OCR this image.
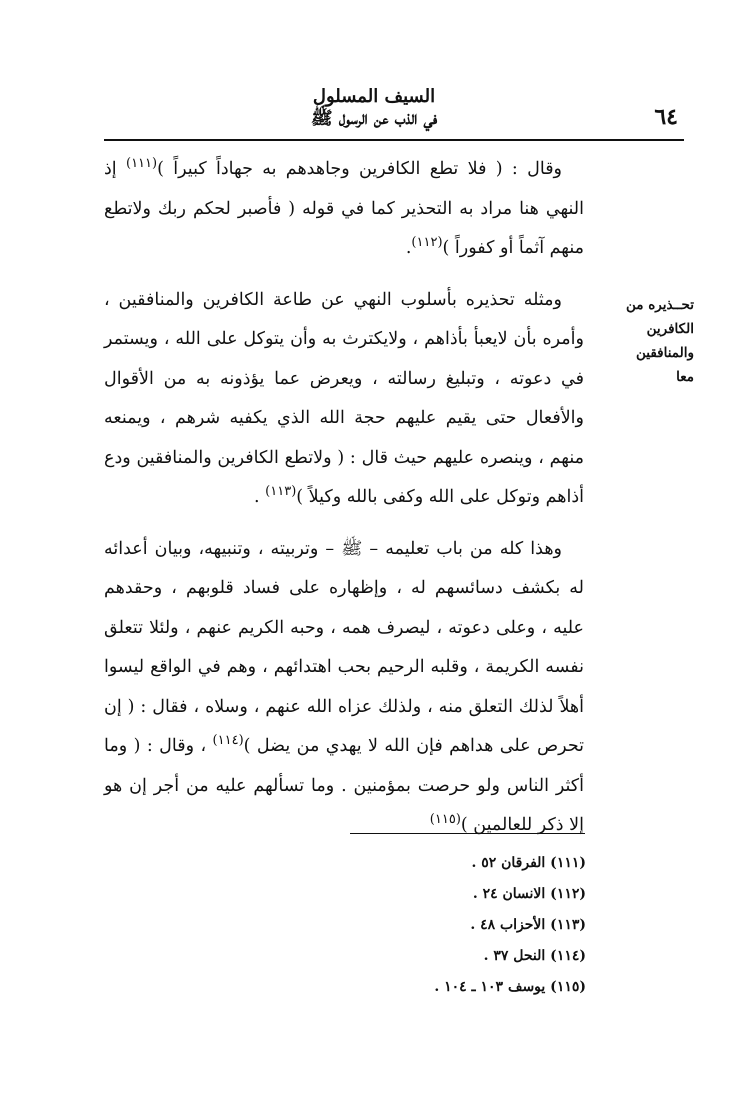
السيف المسلول
في الذب عن الرسول ﷺ	٦٤
تحــذيره من
الكافرين والمنافقين
معا

وقال : ( فلا تطع الكافرين وجاهدهم به جهاداً كبيراً )$^{(١١١)}$ إذ النهي هنا مراد به التحذير كما في قوله ( فأصبر لحكم ربك ولاتطع منهم آثماً أو كفوراً )$^{(١١٢)}$.

ومثله تحذيره بأسلوب النهي عن طاعة الكافرين والمنافقين ، وأمره بأن لايعبأ بأذاهم ، ولايكترث به وأن يتوكل على الله ، ويستمر في دعوته ، وتبليغ رسالته ، ويعرض عما يؤذونه به من الأقوال والأفعال حتى يقيم عليهم حجة الله الذي يكفيه شرهم ، ويمنعه منهم ، وينصره عليهم حيث قال : ( ولاتطع الكافرين والمنافقين ودع أذاهم وتوكل على الله وكفى بالله وكيلاً )$^{(١١٣)}$ .

وهذا كله من باب تعليمه – ﷺ – وتربيته ، وتنبيهه، وبيان أعدائه له بكشف دسائسهم له ، وإظهاره على فساد قلوبهم ، وحقدهم عليه ، وعلى دعوته ، ليصرف همه ، وحبه الكريم عنهم ، ولئلا تتعلق نفسه الكريمة ، وقلبه الرحيم بحب اهتدائهم ، وهم في الواقع ليسوا أهلاً لذلك التعلق منه ، ولذلك عزاه الله عنهم ، وسلاه ، فقال : ( إن تحرص على هداهم فإن الله لا يهدي من يضل )$^{(١١٤)}$ ، وقال : ( وما أكثر الناس ولو حرصت بمؤمنين . وما تسألهم عليه من أجر إن هو إلا ذكر للعالمين )$^{(١١٥)}$

(١١١) الفرقان ٥٢ .
(١١٢) الانسان ٢٤ .
(١١٣) الأحزاب ٤٨ .
(١١٤) النحل ٣٧ .
(١١٥) يوسف ١٠٣ ـ ١٠٤ .
